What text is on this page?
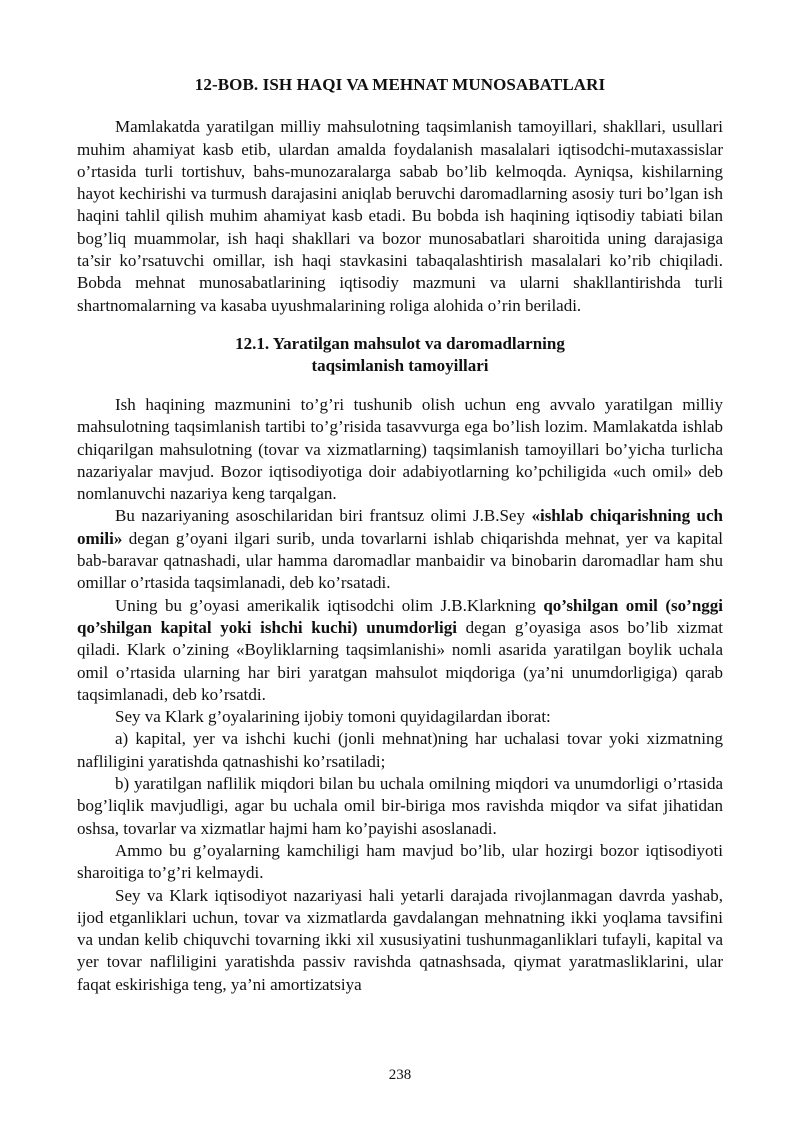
12-BOB. ISH HAQI VA MEHNAT MUNOSABATLARI

Mamlakatda yaratilgan milliy mahsulotning taqsimlanish tamoyillari, shakllari, usullari muhim ahamiyat kasb etib, ulardan amalda foydalanish masalalari iqtisodchi-mutaxassislar o’rtasida turli tortishuv, bahs-munozaralarga sabab bo’lib kelmoqda. Ayniqsa, kishilarning hayot kechirishi va turmush darajasini aniqlab beruvchi daromadlarning asosiy turi bo’lgan ish haqini tahlil qilish muhim ahamiyat kasb etadi. Bu bobda ish haqining iqtisodiy tabiati bilan bog’liq muammolar, ish haqi shakllari va bozor munosabatlari sharoitida uning darajasiga ta’sir ko’rsatuvchi omillar, ish haqi stavkasini tabaqalashtirish masalalari ko’rib chiqiladi. Bobda mehnat munosabatlarining iqtisodiy mazmuni va ularni shakllantirishda turli shartnomalarning va kasaba uyushmalarining roliga alohida o’rin beriladi.

12.1. Yaratilgan mahsulot va daromadlarning
taqsimlanish tamoyillari

Ish haqining mazmunini to’g’ri tushunib olish uchun eng avvalo yaratilgan milliy mahsulotning taqsimlanish tartibi to’g’risida tasavvurga ega bo’lish lozim. Mamlakatda ishlab chiqarilgan mahsulotning (tovar va xizmatlarning) taqsimlanish tamoyillari bo’yicha turlicha nazariyalar mavjud. Bozor iqtisodiyotiga doir adabiyotlarning ko’pchiligida «uch omil» deb nomlanuvchi nazariya keng tarqalgan.

Bu nazariyaning asoschilaridan biri frantsuz olimi J.B.Sey «ishlab chiqarishning uch omili» degan g’oyani ilgari surib, unda tovarlarni ishlab chiqarishda mehnat, yer va kapital bab-baravar qatnashadi, ular hamma daromadlar manbaidir va binobarin daromadlar ham shu omillar o’rtasida taqsimlanadi, deb ko’rsatadi.

Uning bu g’oyasi amerikalik iqtisodchi olim J.B.Klarkning qo’shilgan omil (so’nggi qo’shilgan kapital yoki ishchi kuchi) unumdorligi degan g’oyasiga asos bo’lib xizmat qiladi. Klark o’zining «Boyliklarning taqsimlanishi» nomli asarida yaratilgan boylik uchala omil o’rtasida ularning har biri yaratgan mahsulot miqdoriga (ya’ni unumdorligiga) qarab taqsimlanadi, deb ko’rsatdi.

Sey va Klark g’oyalarining ijobiy tomoni quyidagilardan iborat:

a) kapital, yer va ishchi kuchi (jonli mehnat)ning har uchalasi tovar yoki xizmatning nafliligini yaratishda qatnashishi ko’rsatiladi;

b) yaratilgan naflilik miqdori bilan bu uchala omilning miqdori va unumdorligi o’rtasida bog’liqlik mavjudligi, agar bu uchala omil bir-biriga mos ravishda miqdor va sifat jihatidan oshsa, tovarlar va xizmatlar hajmi ham ko’payishi asoslanadi.

Ammo bu g’oyalarning kamchiligi ham mavjud bo’lib, ular hozirgi bozor iqtisodiyoti sharoitiga to’g’ri kelmaydi.

Sey va Klark iqtisodiyot nazariyasi hali yetarli darajada rivojlanmagan davrda yashab, ijod etganliklari uchun, tovar va xizmatlarda gavdalangan mehnatning ikki yoqlama tavsifini va undan kelib chiquvchi tovarning ikki xil xususiyatini tushunmaganliklari tufayli, kapital va yer tovar nafliligini yaratishda passiv ravishda qatnashsada, qiymat yaratmasliklarini, ular faqat eskirishiga teng, ya’ni amortizatsiya

238
